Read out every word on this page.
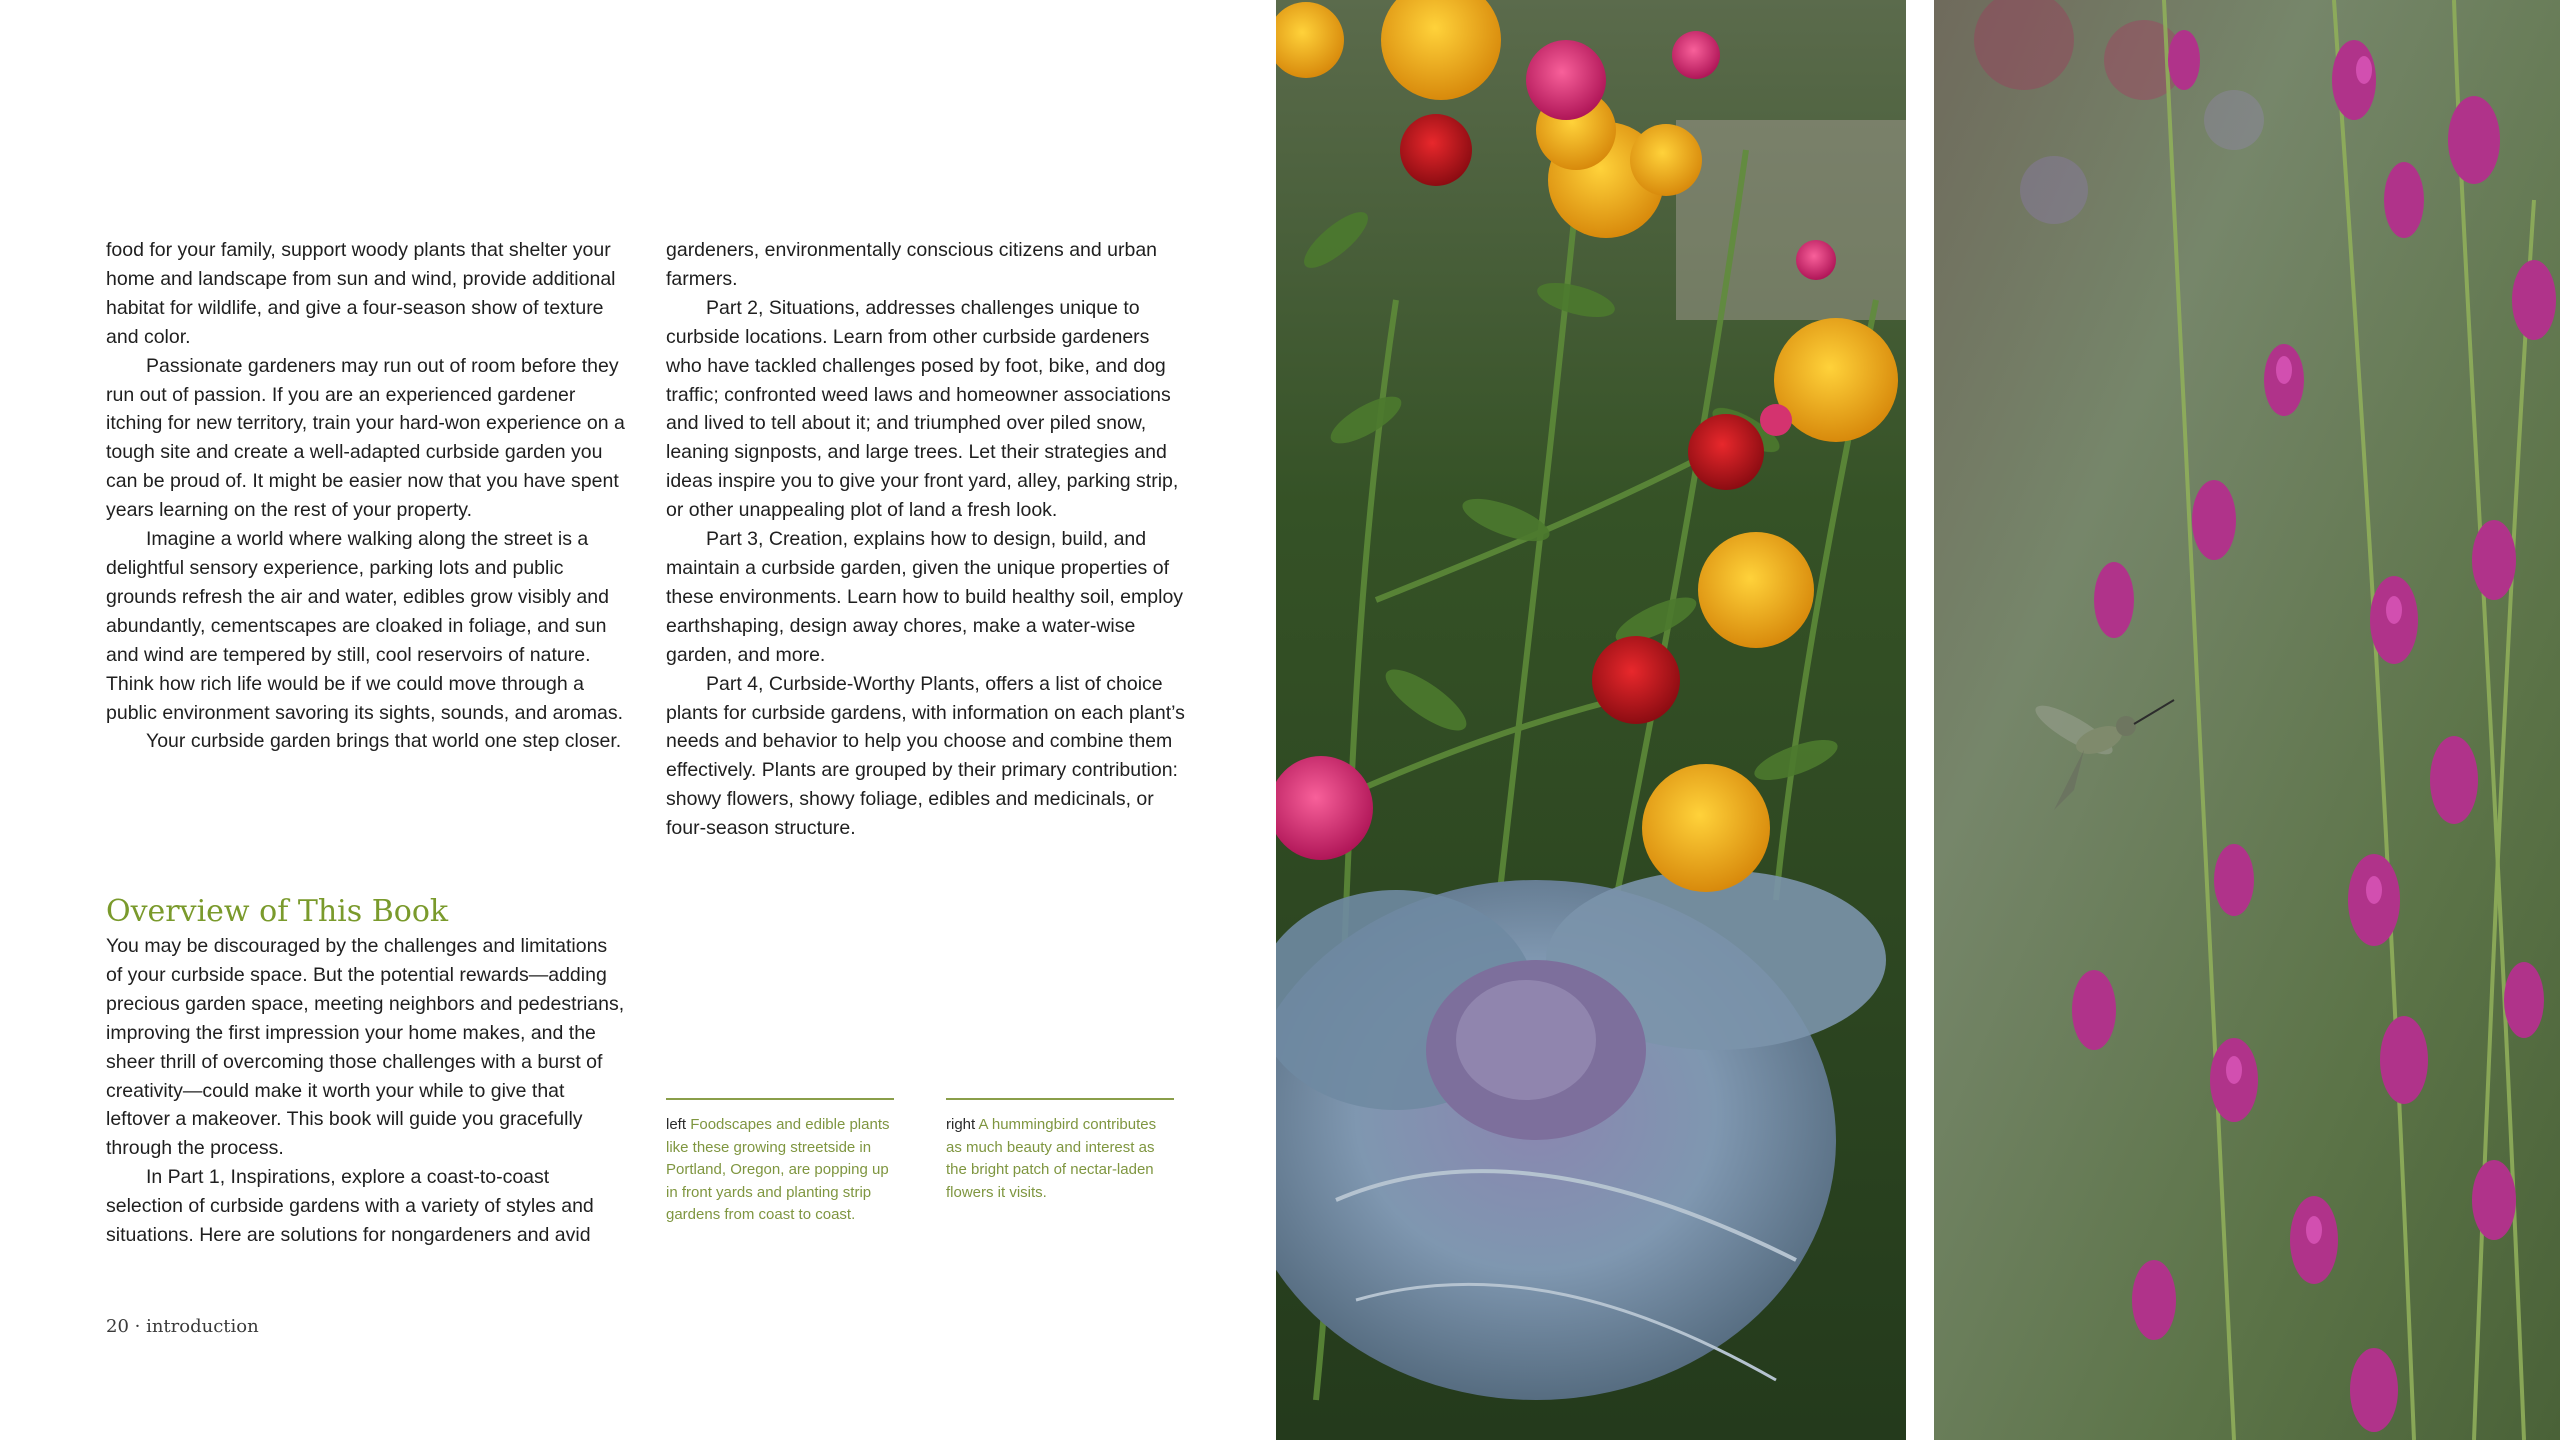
food for your family, support woody plants that shelter your home and landscape from sun and wind, provide additional habitat for wildlife, and give a four-season show of texture and color.

Passionate gardeners may run out of room before they run out of passion. If you are an experienced gardener itching for new territory, train your hard-won experience on a tough site and create a well-adapted curbside garden you can be proud of. It might be easier now that you have spent years learning on the rest of your property.

Imagine a world where walking along the street is a delightful sensory experience, parking lots and public grounds refresh the air and water, edibles grow visibly and abundantly, cementscapes are cloaked in foliage, and sun and wind are tempered by still, cool reservoirs of nature. Think how rich life would be if we could move through a public environment savoring its sights, sounds, and aromas.

Your curbside garden brings that world one step closer.

Overview of This Book

You may be discouraged by the challenges and limitations of your curbside space. But the potential rewards—adding precious garden space, meeting neighbors and pedestrians, improving the first impression your home makes, and the sheer thrill of overcoming those challenges with a burst of creativity—could make it worth your while to give that leftover a makeover. This book will guide you gracefully through the process.

In Part 1, Inspirations, explore a coast-to-coast selection of curbside gardens with a variety of styles and situations. Here are solutions for nongardeners and avid

gardeners, environmentally conscious citizens and urban farmers.

Part 2, Situations, addresses challenges unique to curbside locations. Learn from other curbside gardeners who have tackled challenges posed by foot, bike, and dog traffic; confronted weed laws and homeowner associations and lived to tell about it; and triumphed over piled snow, leaning signposts, and large trees. Let their strategies and ideas inspire you to give your front yard, alley, parking strip, or other unappealing plot of land a fresh look.

Part 3, Creation, explains how to design, build, and maintain a curbside garden, given the unique properties of these environments. Learn how to build healthy soil, employ earthshaping, design away chores, make a water-wise garden, and more.

Part 4, Curbside-Worthy Plants, offers a list of choice plants for curbside gardens, with information on each plant’s needs and behavior to help you choose and combine them effectively. Plants are grouped by their primary contribution: showy flowers, showy foliage, edibles and medicinals, or four-season structure.

left Foodscapes and edible plants like these growing streetside in Portland, Oregon, are popping up in front yards and planting strip gardens from coast to coast.
right A hummingbird contributes as much beauty and interest as the bright patch of nectar-laden flowers it visits.
20 · introduction
